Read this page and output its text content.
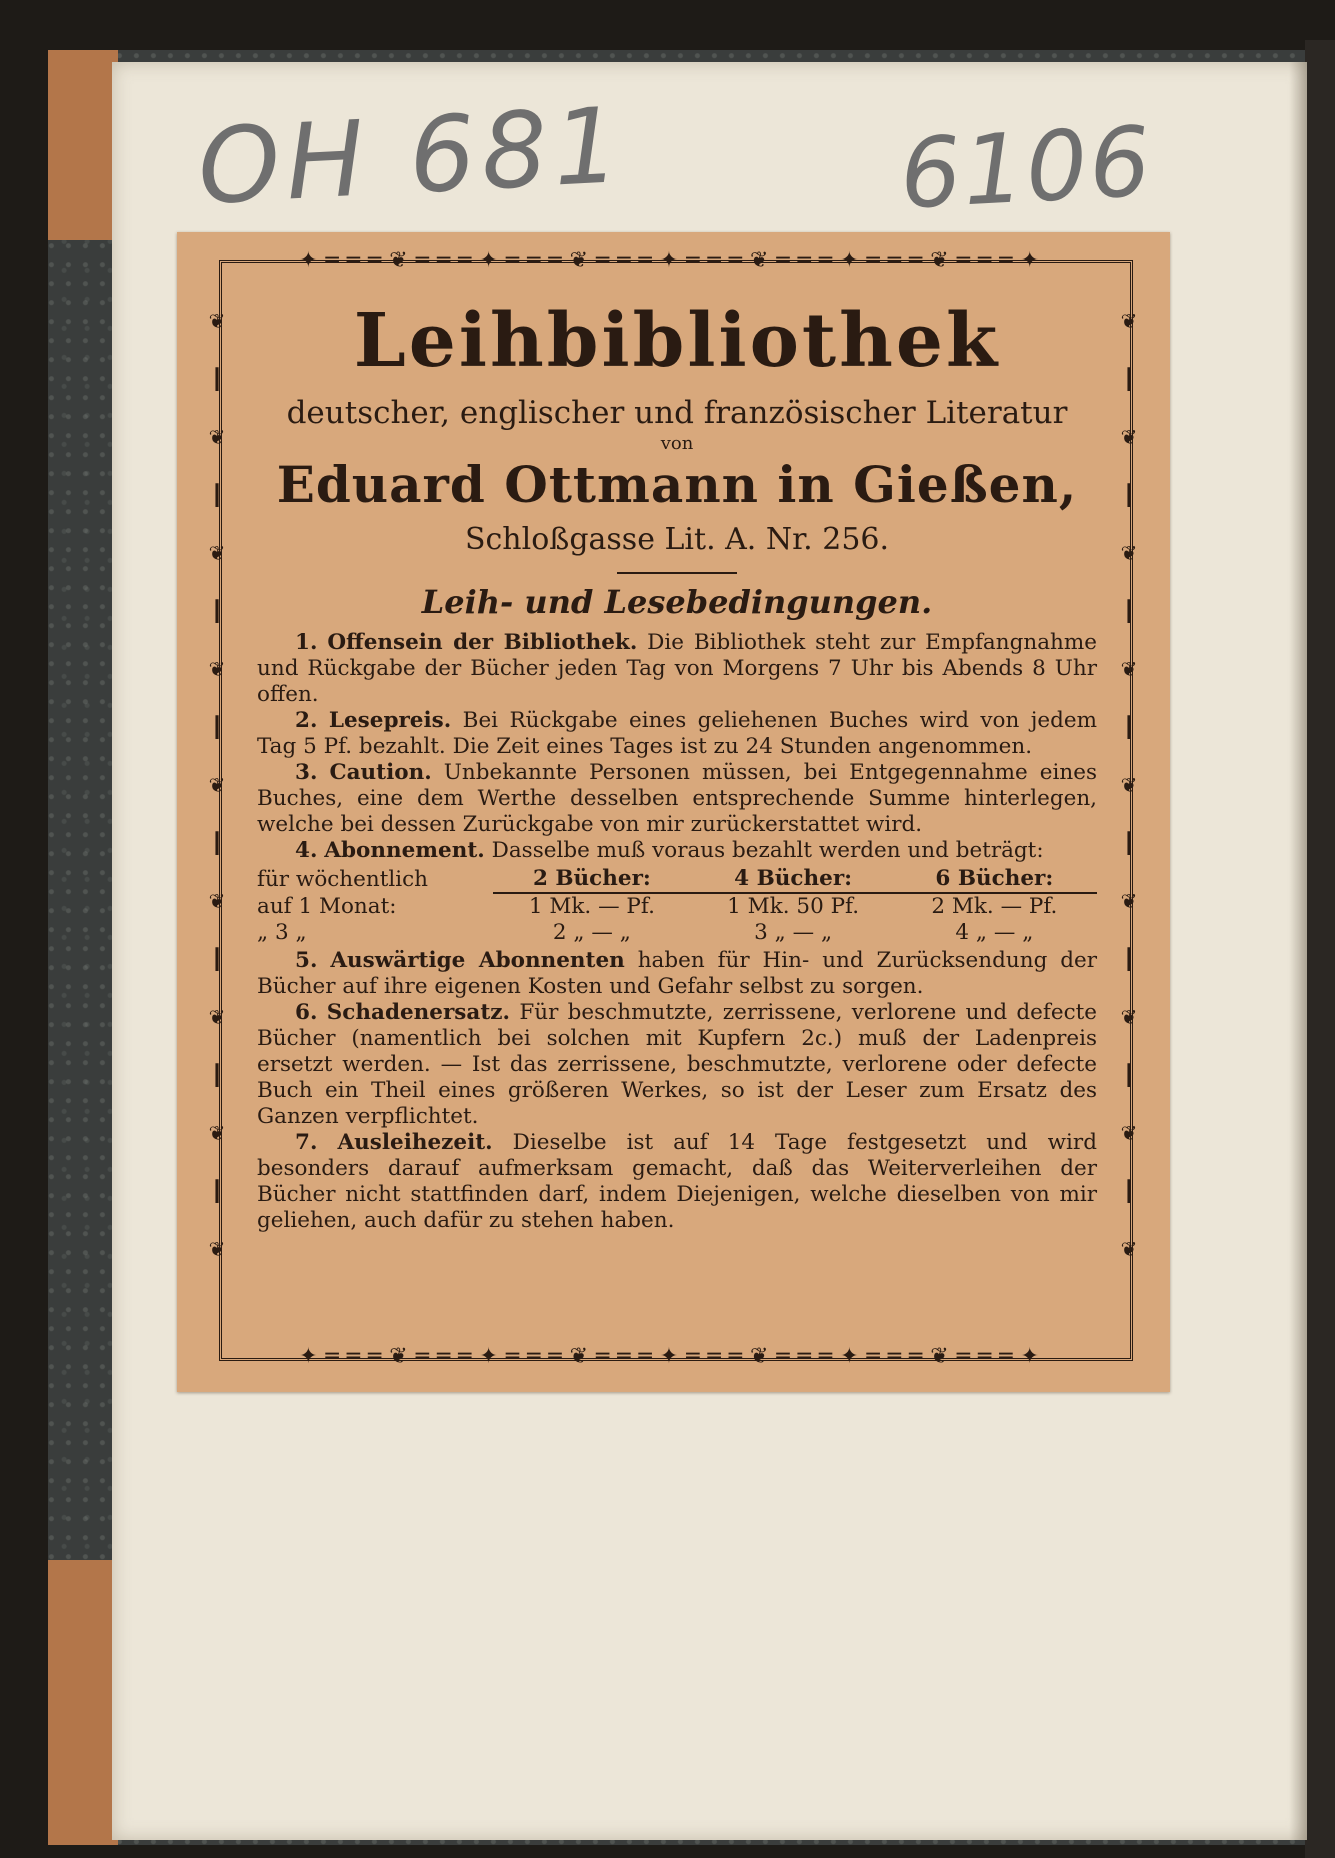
OH 681	6106
✦═══❦═══✦═══❦═══✦═══❦═══✦═══❦═══✦
✦═══❦═══✦═══❦═══✦═══❦═══✦═══❦═══✦
❦
┃
❦
┃
❦
┃
❦
┃
❦
┃
❦
┃
❦
┃
❦
┃
❦
❦
┃
❦
┃
❦
┃
❦
┃
❦
┃
❦
┃
❦
┃
❦
┃
❦
Leihbibliothek
deutscher, englischer und französischer Literatur
von
Eduard Ottmann in Gießen,
Schloßgasse Lit. A. Nr. 256.
Leih- und Lesebedingungen.

1. Offensein der Bibliothek. Die Bibliothek steht zur Empfangnahme und Rückgabe der Bücher jeden Tag von Morgens 7 Uhr bis Abends 8 Uhr offen.

2. Lesepreis. Bei Rückgabe eines geliehenen Buches wird von jedem Tag 5 Pf. bezahlt. Die Zeit eines Tages ist zu 24 Stunden angenommen.

3. Caution. Unbekannte Personen müssen, bei Entgegennahme eines Buches, eine dem Werthe desselben entsprechende Summe hinterlegen, welche bei dessen Zurückgabe von mir zurückerstattet wird.

4. Abonnement. Dasselbe muß voraus bezahlt werden und beträgt:

für wöchentlich	2 Bücher:	4 Bücher:	6 Bücher:
auf 1 Monat:	1 Mk. — Pf.	1 Mk. 50 Pf.	2 Mk. — Pf.
„ 3 „	2 „ — „	3 „ — „	4 „ — „

5. Auswärtige Abonnenten haben für Hin- und Zurücksendung der Bücher auf ihre eigenen Kosten und Gefahr selbst zu sorgen.

6. Schadenersatz. Für beschmutzte, zerrissene, verlorene und defecte Bücher (namentlich bei solchen mit Kupfern 2c.) muß der Ladenpreis ersetzt werden. — Ist das zerrissene, beschmutzte, verlorene oder defecte Buch ein Theil eines größeren Werkes, so ist der Leser zum Ersatz des Ganzen verpflichtet.

7. Ausleihezeit. Dieselbe ist auf 14 Tage festgesetzt und wird besonders darauf aufmerksam gemacht, daß das Weiterverleihen der Bücher nicht stattfinden darf, indem Diejenigen, welche dieselben von mir geliehen, auch dafür zu stehen haben.
